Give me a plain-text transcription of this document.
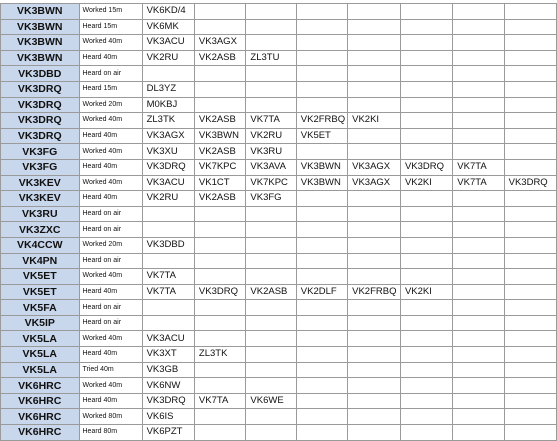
VK3BWN	Worked 15m	VK6KD/4							
VK3BWN	Heard 15m	VK6MK							
VK3BWN	Worked 40m	VK3ACU	VK3AGX						
VK3BWN	Heard 40m	VK2RU	VK2ASB	ZL3TU					
VK3DBD	Heard on air								
VK3DRQ	Heard 15m	DL3YZ							
VK3DRQ	Worked 20m	M0KBJ							
VK3DRQ	Worked 40m	ZL3TK	VK2ASB	VK7TA	VK2FRBQ	VK2KI			
VK3DRQ	Heard 40m	VK3AGX	VK3BWN	VK2RU	VK5ET				
VK3FG	Worked 40m	VK3XU	VK2ASB	VK3RU					
VK3FG	Heard 40m	VK3DRQ	VK7KPC	VK3AVA	VK3BWN	VK3AGX	VK3DRQ	VK7TA	
VK3KEV	Worked 40m	VK3ACU	VK1CT	VK7KPC	VK3BWN	VK3AGX	VK2KI	VK7TA	VK3DRQ
VK3KEV	Heard 40m	VK2RU	VK2ASB	VK3FG					
VK3RU	Heard on air								
VK3ZXC	Heard on air								
VK4CCW	Worked 20m	VK3DBD							
VK4PN	Heard on air								
VK5ET	Worked 40m	VK7TA							
VK5ET	Heard 40m	VK7TA	VK3DRQ	VK2ASB	VK2DLF	VK2FRBQ	VK2KI		
VK5FA	Heard on air								
VK5IP	Heard on air								
VK5LA	Worked 40m	VK3ACU							
VK5LA	Heard 40m	VK3XT	ZL3TK						
VK5LA	Tried 40m	VK3GB							
VK6HRC	Worked 40m	VK6NW							
VK6HRC	Heard 40m	VK3DRQ	VK7TA	VK6WE					
VK6HRC	Worked 80m	VK6IS							
VK6HRC	Heard 80m	VK6PZT							
